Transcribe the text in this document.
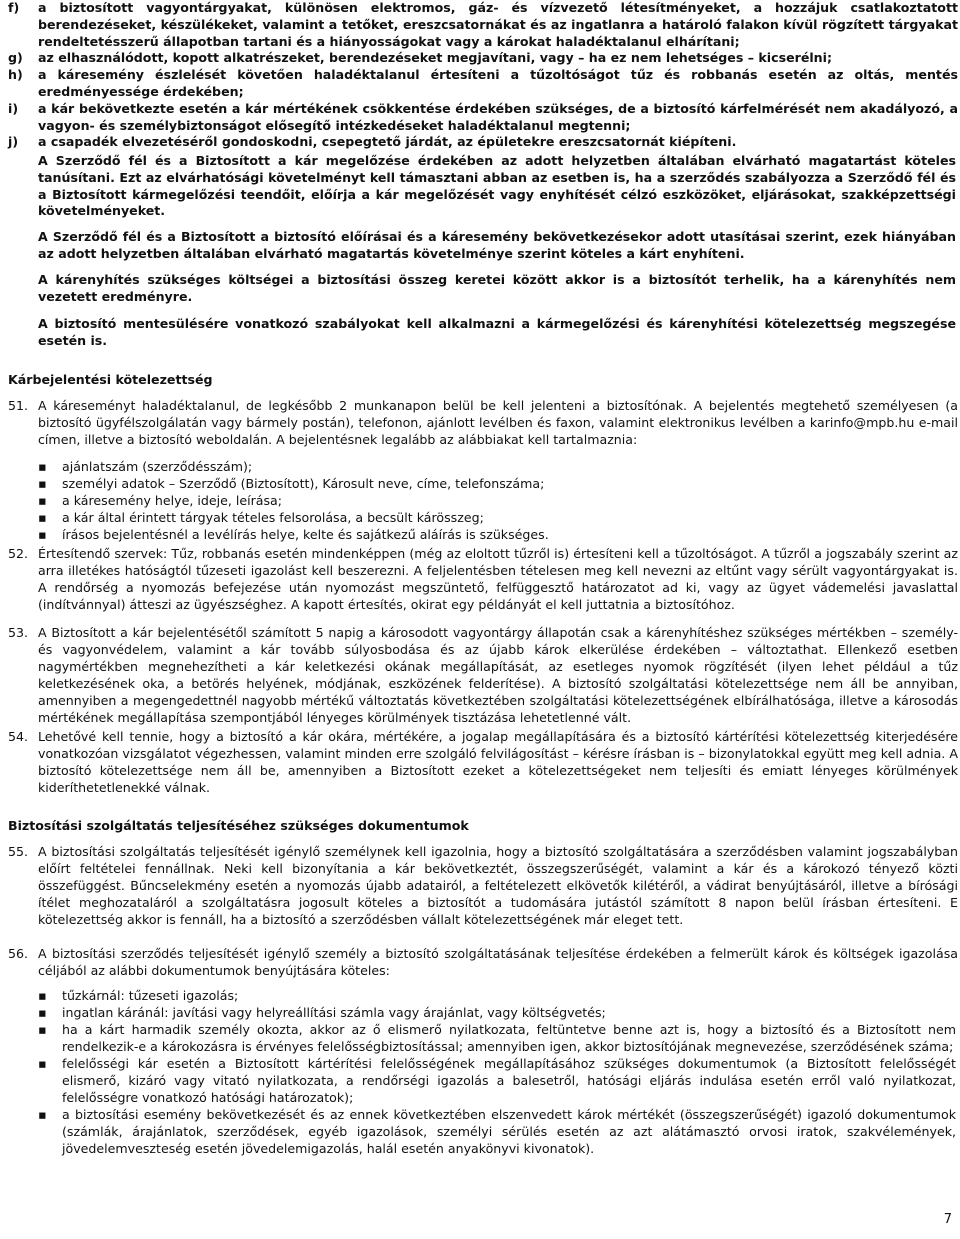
f)	a biztosított vagyontárgyakat, különösen elektromos, gáz- és vízvezető létesítményeket, a hozzájuk csatlakoztatott berendezéseket, készülékeket, valamint a tetőket, ereszcsatornákat és az ingatlanra a határoló falakon kívül rögzített tárgyakat rendeltetésszerű állapotban tartani és a hiányosságokat vagy a károkat haladéktalanul elhárítani;
g)	az elhasználódott, kopott alkatrészeket, berendezéseket megjavítani, vagy – ha ez nem lehetséges – kicserélni;
h)	a káresemény észlelését követően haladéktalanul értesíteni a tűzoltóságot tűz és robbanás esetén az oltás, mentés eredményessége érdekében;
i)	a kár bekövetkezte esetén a kár mértékének csökkentése érdekében szükséges, de a biztosító kárfelmérését nem akadályozó, a vagyon- és személybiztonságot elősegítő intézkedéseket haladéktalanul megtenni;
j)	a csapadék elvezetéséről gondoskodni, csepegtető járdát, az épületekre ereszcsatornát kiépíteni.

A Szerződő fél és a Biztosított a kár megelőzése érdekében az adott helyzetben általában elvárható magatartást köteles tanúsítani. Ezt az elvárhatósági követelményt kell támasztani abban az esetben is, ha a szerződés szabályozza a Szerződő fél és a Biztosított kármegelőzési teendőit, előírja a kár megelőzését vagy enyhítését célzó eszközöket, eljárásokat, szakképzettségi követelményeket.

A Szerződő fél és a Biztosított a biztosító előírásai és a káresemény bekövetkezésekor adott utasításai szerint, ezek hiányában az adott helyzetben általában elvárható magatartás követelménye szerint köteles a kárt enyhíteni.

A kárenyhítés szükséges költségei a biztosítási összeg keretei között akkor is a biztosítót terhelik, ha a kárenyhítés nem vezetett eredményre.

A biztosító mentesülésére vonatkozó szabályokat kell alkalmazni a kármegelőzési és kárenyhítési kötelezettség megszegése esetén is.

Kárbejelentési kötelezettség
51. A káreseményt haladéktalanul, de legkésőbb 2 munkanapon belül be kell jelenteni a biztosítónak. A bejelentés megtehető személyesen (a biztosító ügyfélszolgálatán vagy bármely postán), telefonon, ajánlott levélben és faxon, valamint elektronikus levélben a karinfo@mpb.hu e-mail címen, illetve a biztosító weboldalán. A bejelentésnek legalább az alábbiakat kell tartalmaznia:
▪	ajánlatszám (szerződésszám);
▪	személyi adatok – Szerződő (Biztosított), Károsult neve, címe, telefonszáma;
▪	a káresemény helye, ideje, leírása;
▪	a kár által érintett tárgyak tételes felsorolása, a becsült kárösszeg;
▪	írásos bejelentésnél a levélírás helye, kelte és sajátkezű aláírás is szükséges.
52. Értesítendő szervek: Tűz, robbanás esetén mindenképpen (még az eloltott tűzről is) értesíteni kell a tűzoltóságot. A tűzről a jogszabály szerint az arra illetékes hatóságtól tűzeseti igazolást kell beszerezni. A feljelentésben tételesen meg kell nevezni az eltűnt vagy sérült vagyontárgyakat is. A rendőrség a nyomozás befejezése után nyomozást megszüntető, felfüggesztő határozatot ad ki, vagy az ügyet vádemelési javaslattal (indítvánnyal) átteszi az ügyészséghez. A kapott értesítés, okirat egy példányát el kell juttatnia a biztosítóhoz.
53. A Biztosított a kár bejelentésétől számított 5 napig a károsodott vagyontárgy állapotán csak a kárenyhítéshez szükséges mértékben – személy- és vagyonvédelem, valamint a kár tovább súlyosbodása és az újabb károk elkerülése érdekében – változtathat. Ellenkező esetben nagymértékben megnehezítheti a kár keletkezési okának megállapítását, az esetleges nyomok rögzítését (ilyen lehet például a tűz keletkezésének oka, a betörés helyének, módjának, eszközének felderítése). A biztosító szolgáltatási kötelezettsége nem áll be annyiban, amennyiben a megengedettnél nagyobb mértékű változtatás következtében szolgáltatási kötelezettségének elbírálhatósága, illetve a károsodás mértékének megállapítása szempontjából lényeges körülmények tisztázása lehetetlenné vált.
54. Lehetővé kell tennie, hogy a biztosító a kár okára, mértékére, a jogalap megállapítására és a biztosító kártérítési kötelezettség kiterjedésére vonatkozóan vizsgálatot végezhessen, valamint minden erre szolgáló felvilágosítást – kérésre írásban is – bizonylatokkal együtt meg kell adnia. A biztosító kötelezettsége nem áll be, amennyiben a Biztosított ezeket a kötelezettségeket nem teljesíti és emiatt lényeges körülmények kideríthetetlenekké válnak.
Biztosítási szolgáltatás teljesítéséhez szükséges dokumentumok
55. A biztosítási szolgáltatás teljesítését igénylő személynek kell igazolnia, hogy a biztosító szolgáltatására a szerződésben valamint jogszabályban előírt feltételei fennállnak. Neki kell bizonyítania a kár bekövetkeztét, összegszerűségét, valamint a kár és a károkozó tényező közti összefüggést. Bűncselekmény esetén a nyomozás újabb adatairól, a feltételezett elkövetők kilétéről, a vádirat benyújtásáról, illetve a bírósági ítélet meghozataláról a szolgáltatásra jogosult köteles a biztosítót a tudomására jutástól számított 8 napon belül írásban értesíteni. E kötelezettség akkor is fennáll, ha a biztosító a szerződésben vállalt kötelezettségének már eleget tett.
56. A biztosítási szerződés teljesítését igénylő személy a biztosító szolgáltatásának teljesítése érdekében a felmerült károk és költségek igazolása céljából az alábbi dokumentumok benyújtására köteles:
▪	tűzkárnál: tűzeseti igazolás;
▪	ingatlan káránál: javítási vagy helyreállítási számla vagy árajánlat, vagy költségvetés;
▪	ha a kárt harmadik személy okozta, akkor az ő elismerő nyilatkozata, feltüntetve benne azt is, hogy a biztosító és a Biztosított nem rendelkezik-e a károkozásra is érvényes felelősségbiztosítással; amennyiben igen, akkor biztosítójának megnevezése, szerződésének száma;
▪	felelősségi kár esetén a Biztosított kártérítési felelősségének megállapításához szükséges dokumentumok (a Biztosított felelősségét elismerő, kizáró vagy vitató nyilatkozata, a rendőrségi igazolás a balesetről, hatósági eljárás indulása esetén erről való nyilatkozat, felelősségre vonatkozó hatósági határozatok);
▪	a biztosítási esemény bekövetkezését és az ennek következtében elszenvedett károk mértékét (összegszerűségét) igazoló dokumentumok (számlák, árajánlatok, szerződések, egyéb igazolások, személyi sérülés esetén az azt alátámasztó orvosi iratok, szakvélemények, jövedelemveszteség esetén jövedelemigazolás, halál esetén anyakönyvi kivonatok).
7
